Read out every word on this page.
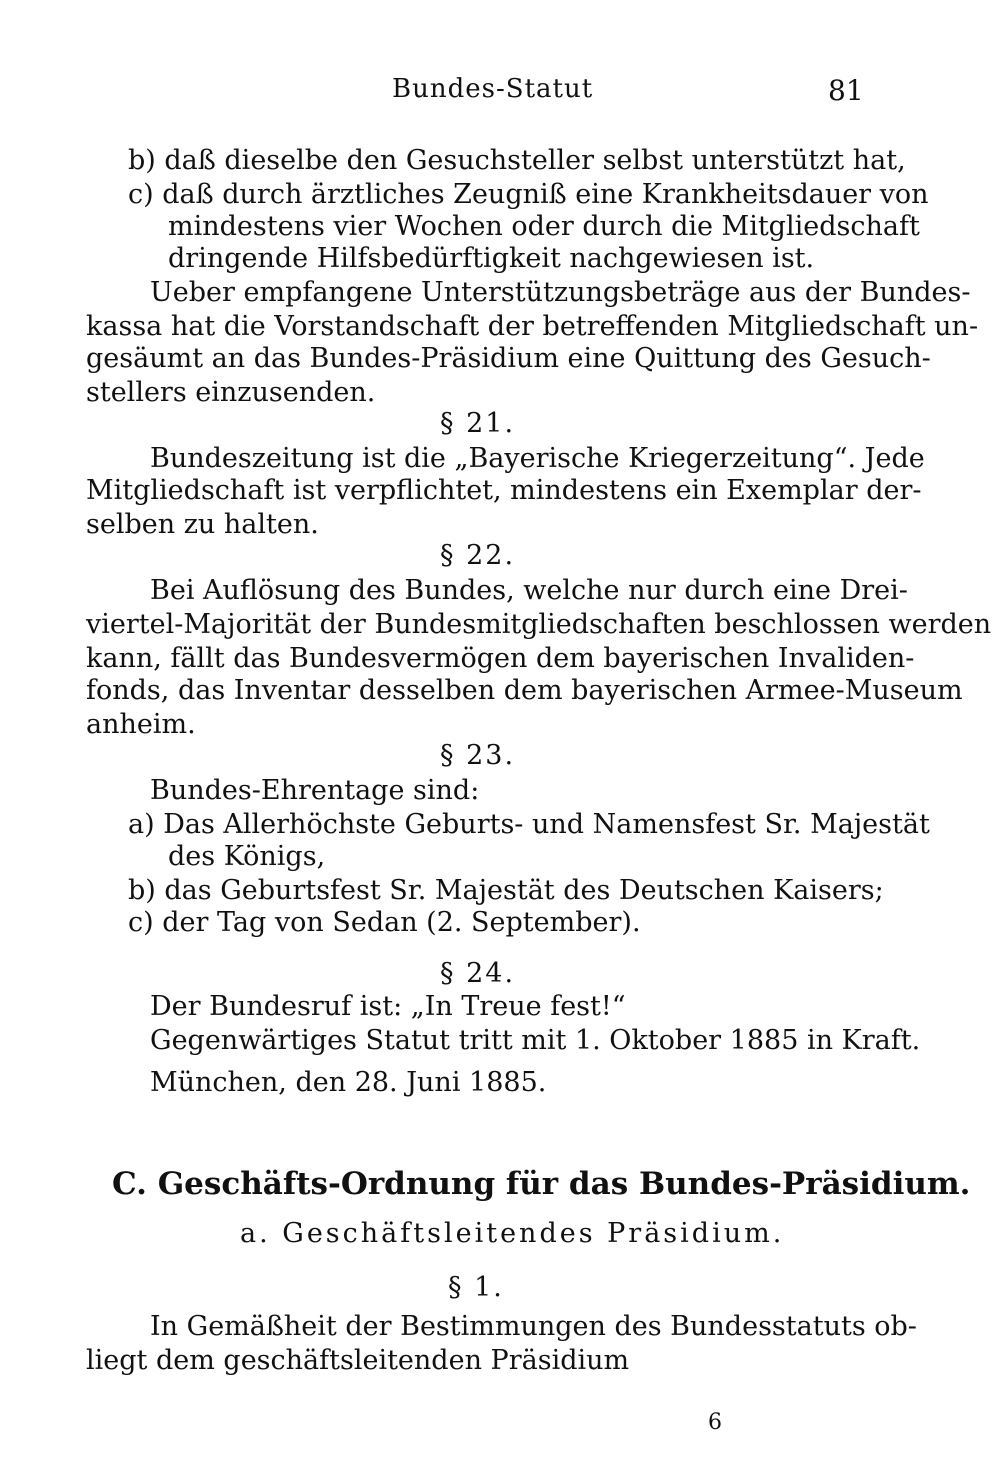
Bundes-Statut	81
b) daß dieselbe den Gesuchsteller selbst unterstützt hat,
c) daß durch ärztliches Zeugniß eine Krankheitsdauer von
mindestens vier Wochen oder durch die Mitgliedschaft
dringende Hilfsbedürftigkeit nachgewiesen ist.
Ueber empfangene Unterstützungsbeträge aus der Bundes-
kassa hat die Vorstandschaft der betreffenden Mitgliedschaft un-
gesäumt an das Bundes-Präsidium eine Quittung des Gesuch-
stellers einzusenden.
§ 21.
Bundeszeitung ist die „Bayerische Kriegerzeitung“. Jede
Mitgliedschaft ist verpflichtet, mindestens ein Exemplar der-
selben zu halten.
§ 22.
Bei Auflösung des Bundes, welche nur durch eine Drei-
viertel-Majorität der Bundesmitgliedschaften beschlossen werden
kann, fällt das Bundesvermögen dem bayerischen Invaliden-
fonds, das Inventar desselben dem bayerischen Armee-Museum
anheim.
§ 23.
Bundes-Ehrentage sind:
a) Das Allerhöchste Geburts- und Namensfest Sr. Majestät
des Königs,
b) das Geburtsfest Sr. Majestät des Deutschen Kaisers;
c) der Tag von Sedan (2. September).
§ 24.
Der Bundesruf ist: „In Treue fest!“
Gegenwärtiges Statut tritt mit 1. Oktober 1885 in Kraft.
München, den 28. Juni 1885.
C. Geschäfts-Ordnung für das Bundes-Präsidium.
a. Geschäftsleitendes Präsidium.
§ 1.
In Gemäßheit der Bestimmungen des Bundesstatuts ob-
liegt dem geschäftsleitenden Präsidium
6
